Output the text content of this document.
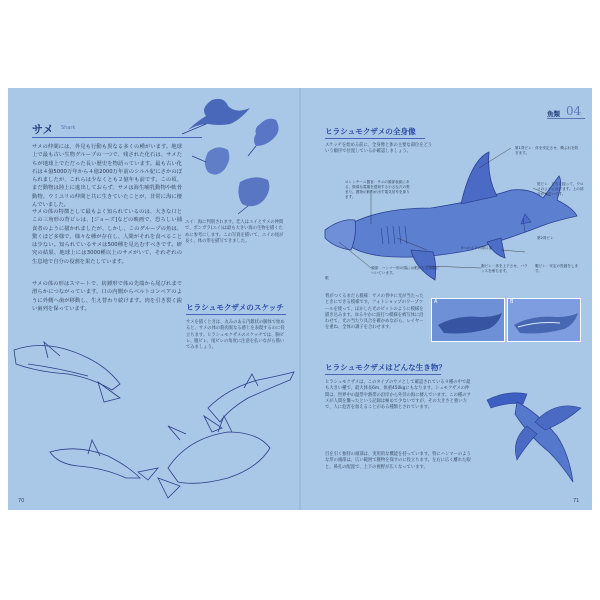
サメ Shark
サメの仲間には、外見も行動も異なる多くの種がいます。地球上で最も古い生物グループの一つで、残された化石は、サメたちが地球上でただった長い歴史を物語っています。最も古い化石は４億5000万年から４億2000万年前のシルル紀にさかのぼられましたが、これらは少なくとも２億年も前です。この頃、まだ動物は陸上に進出しておらず、サメは海生哺乳動物や軟骨動物、ウミユリの仲間と共に生きていたことが、非常に海に棲んでいました。
サメの体の特徴として最もよく知られているのは、大きな口とこの三角形の背ビレは、[ジョーズ]などの映画で、恐ろしい捕食者のように描かれましたが、しかし、このグループの魚は、驚くほど多様で、様々な種が存在し、人間がそれを食べることは少ない。知られているサメは500種を見込むすべきです。研究の結果、地球上には3000種以上のサメがいて、それぞれの生息地で自分の役割を果たしています。
サメの体の形はスマートで、紡錘形で体の先端から尾びれまで滑らかにつながっています。口の内側からベルトコンベアのように外側へ歯が移動し、生え替わり続けます。肉を引き裂く鋭い歯列を保っています。
エイ：海に判別されます。恋人はエイとサメの仲間で、ポンガラ(エイ)は最も大きい海の生物を描くために参考にします。この写真を描いて、エイの尾が長く、体の形を描写できました。
ヒラシュモクザメのスケッチ
サメを描くときは、丸みのある円錐状の胴体で始めると、サメの体の筋肉異なる感じを表現するのに役立ちます。ヒラシュモクザメのスケッチでは、胸ビレ、腹ビレ、尾ビレの角度に注意を払いながら描いてみましょう。
70
魚類 04
ヒラシュモクザメの全身像
スケッチを始める前に、全身像と体の主要な部位をどういう順序で位置しているか確認しましょう。
第1背ビレ：体を安定させ、横ぶれを防ぎます。
ロレンチーニ器官：サメの頭部表面にある、微弱な電場を感知する小さな穴の集まり。獲物の筋肉が出す電気信号を探ります。
尾ビレ：左右に振って、ウロコのように泳ぎます。上の部分が大きいです。
5つのエラの開口部
胸ビレ：体を上下させ、バランスを保ちます。
第2背ビレ
腹ビレ：安定の役割をします。
頭部：ハンマー形の頭には眼が左右両端についています。
眼
背がつくるまだら模様：サメの背中に光が当たったときにできる模様です。フォトショップのワープツールを使って、ほかした光のビットのように模様を描き込みます。ゆるやかに波打つ模様を被写体に沿わせて、光の当たり具合を確かめながら、レイヤーを重ね、全体の調子を合わせます。
A	B
ヒラシュモクザメはどんな生き物？
ヒラシュモクザメは、このタイプのサメとして確認されている９種の中で最も大きい種で、最大体長6m、体重450kgにもなります。シュモクザメの仲間は、世界中の温帯や熱帯の沿岸から外洋の海に棲んでいます。この種のサメが人間を襲ったという記録は極めて少ないですが、その大きさと強い力で、人に危害を加えることがある種類とされています。
目を引く独特の頭部は、実用的な機能を持っています。特にハンマーのような形の頭部は、広い範囲で獲物を探すのに役立ちます。左右に広く離れた眼と、鼻孔の配置で、上下の視野が広くなっています。
71
